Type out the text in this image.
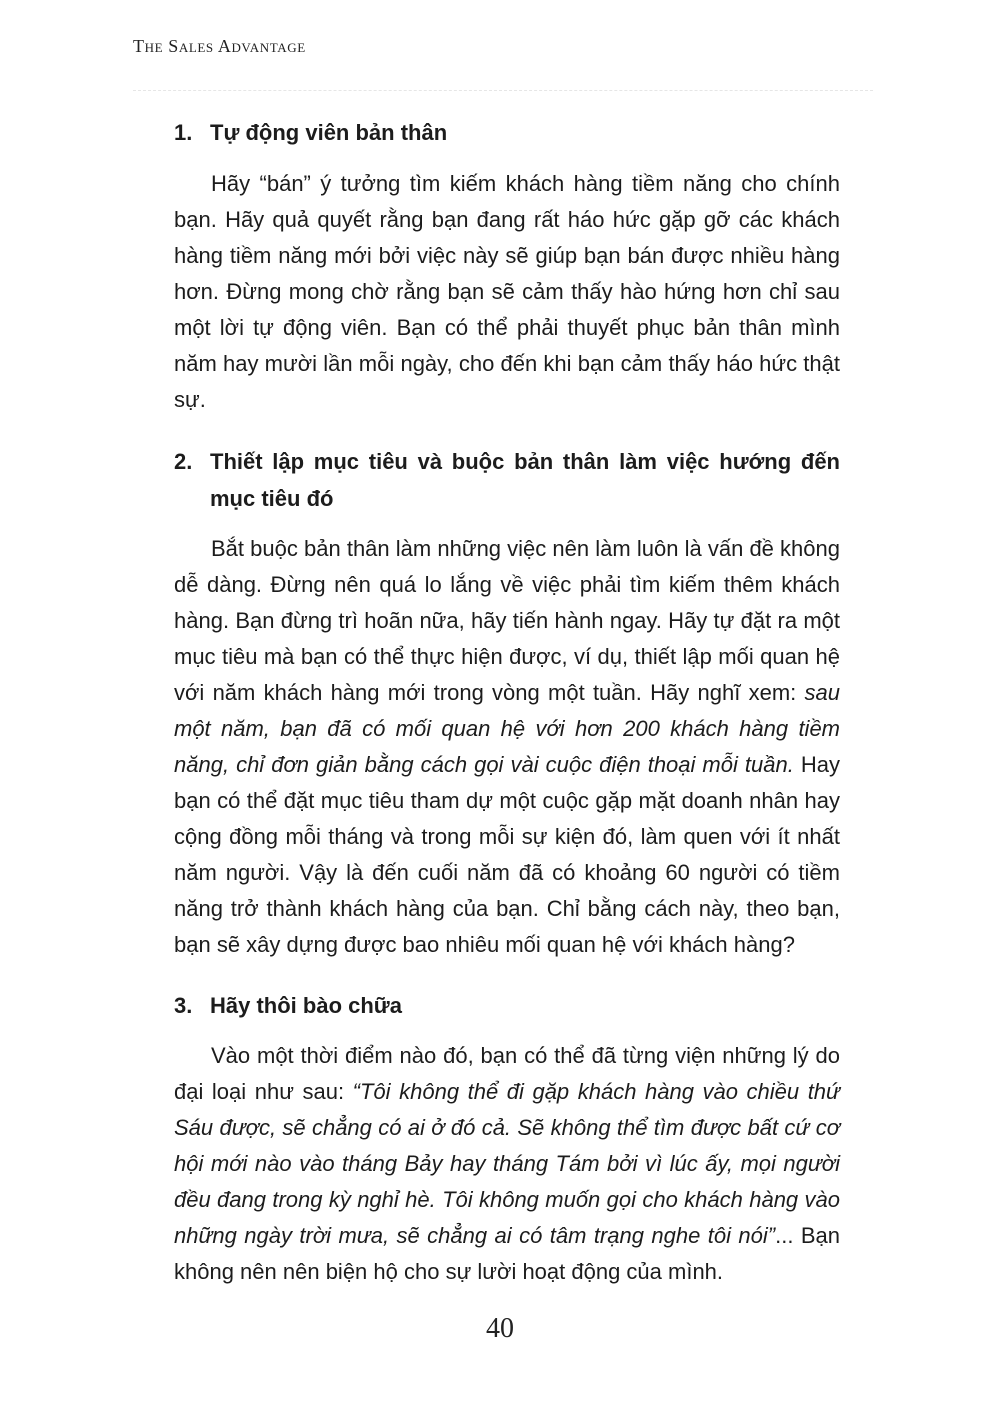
The Sales Advantage
1. Tự động viên bản thân

Hãy “bán” ý tưởng tìm kiếm khách hàng tiềm năng cho chính bạn. Hãy quả quyết rằng bạn đang rất háo hức gặp gỡ các khách hàng tiềm năng mới bởi việc này sẽ giúp bạn bán được nhiều hàng hơn. Đừng mong chờ rằng bạn sẽ cảm thấy hào hứng hơn chỉ sau một lời tự động viên. Bạn có thể phải thuyết phục bản thân mình năm hay mười lần mỗi ngày, cho đến khi bạn cảm thấy háo hức thật sự.

2. Thiết lập mục tiêu và buộc bản thân làm việc hướng đến mục tiêu đó

Bắt buộc bản thân làm những việc nên làm luôn là vấn đề không dễ dàng. Đừng nên quá lo lắng về việc phải tìm kiếm thêm khách hàng. Bạn đừng trì hoãn nữa, hãy tiến hành ngay. Hãy tự đặt ra một mục tiêu mà bạn có thể thực hiện được, ví dụ, thiết lập mối quan hệ với năm khách hàng mới trong vòng một tuần. Hãy nghĩ xem: sau một năm, bạn đã có mối quan hệ với hơn 200 khách hàng tiềm năng, chỉ đơn giản bằng cách gọi vài cuộc điện thoại mỗi tuần. Hay bạn có thể đặt mục tiêu tham dự một cuộc gặp mặt doanh nhân hay cộng đồng mỗi tháng và trong mỗi sự kiện đó, làm quen với ít nhất năm người. Vậy là đến cuối năm đã có khoảng 60 người có tiềm năng trở thành khách hàng của bạn. Chỉ bằng cách này, theo bạn, bạn sẽ xây dựng được bao nhiêu mối quan hệ với khách hàng?

3. Hãy thôi bào chữa

Vào một thời điểm nào đó, bạn có thể đã từng viện những lý do đại loại như sau: “Tôi không thể đi gặp khách hàng vào chiều thứ Sáu được, sẽ chẳng có ai ở đó cả. Sẽ không thể tìm được bất cứ cơ hội mới nào vào tháng Bảy hay tháng Tám bởi vì lúc ấy, mọi người đều đang trong kỳ nghỉ hè. Tôi không muốn gọi cho khách hàng vào những ngày trời mưa, sẽ chẳng ai có tâm trạng nghe tôi nói”... Bạn không nên nên biện hộ cho sự lười hoạt động của mình.

40
